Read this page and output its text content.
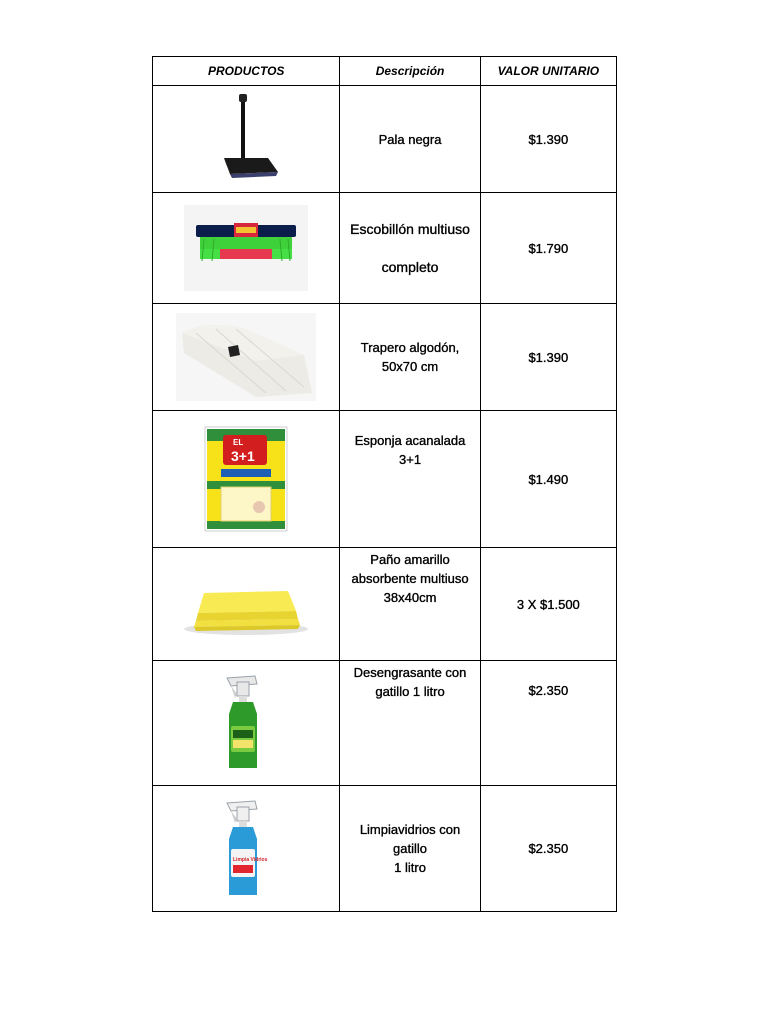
PRODUCTOS	Descripción	VALOR UNITARIO

	Pala negra	$1.390

	Escobillón multiuso

completo	$1.790

	Trapero algodón,
50x70 cm	$1.390

EL
3+1	Esponja acanalada
3+1	$1.490

	Paño amarillo
absorbente multiuso
38x40cm	3 X $1.500

	Desengrasante con
gatillo 1 litro	$2.350

Limpia Vidrios	Limpiavidrios con
gatillo
1 litro	$2.350
